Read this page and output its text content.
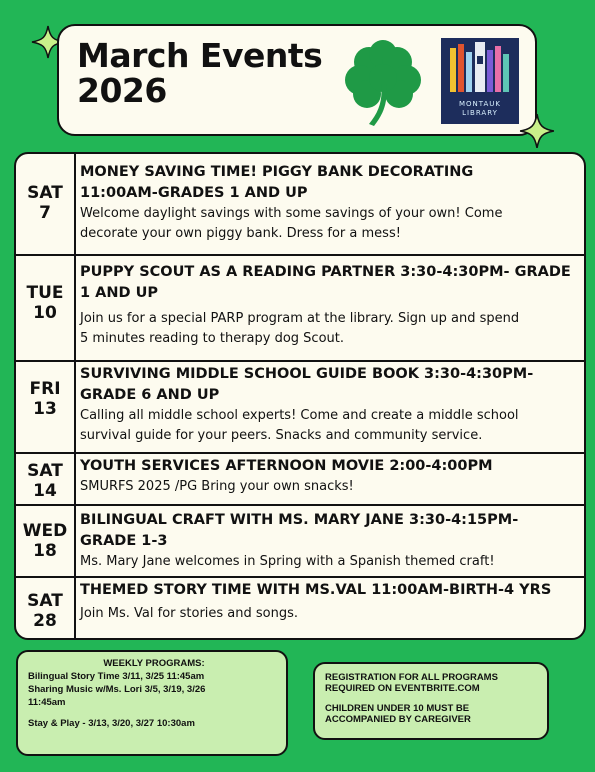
March Events
2026	MONTAUK
LIBRARY
SAT
7
MONEY SAVING TIME! PIGGY BANK DECORATING
11:00AM-GRADES 1 AND UP
Welcome daylight savings with some savings of your own! Come
decorate your own piggy bank. Dress for a mess!
TUE
10
PUPPY SCOUT AS A READING PARTNER 3:30-4:30PM- GRADE
1 AND UP
Join us for a special PARP program at the library. Sign up and spend
5 minutes reading to therapy dog Scout.
FRI
13
SURVIVING MIDDLE SCHOOL GUIDE BOOK 3:30-4:30PM-
GRADE 6 AND UP
Calling all middle school experts! Come and create a middle school
survival guide for your peers. Snacks and community service.
SAT
14
YOUTH SERVICES AFTERNOON MOVIE 2:00-4:00PM
SMURFS 2025 /PG Bring your own snacks!
WED
18
BILINGUAL CRAFT WITH MS. MARY JANE 3:30-4:15PM-
GRADE 1-3
Ms. Mary Jane welcomes in Spring with a Spanish themed craft!
SAT
28
THEMED STORY TIME WITH MS.VAL 11:00AM-BIRTH-4 YRS
Join Ms. Val for stories and songs.
WEEKLY PROGRAMS:
Bilingual Story Time 3/11, 3/25 11:45am
Sharing Music w/Ms. Lori 3/5, 3/19, 3/26
11:45am
Stay & Play - 3/13, 3/20, 3/27 10:30am

REGISTRATION FOR ALL PROGRAMS

REQUIRED ON EVENTBRITE.COM

CHILDREN UNDER 10 MUST BE

ACCOMPANIED BY CAREGIVER
